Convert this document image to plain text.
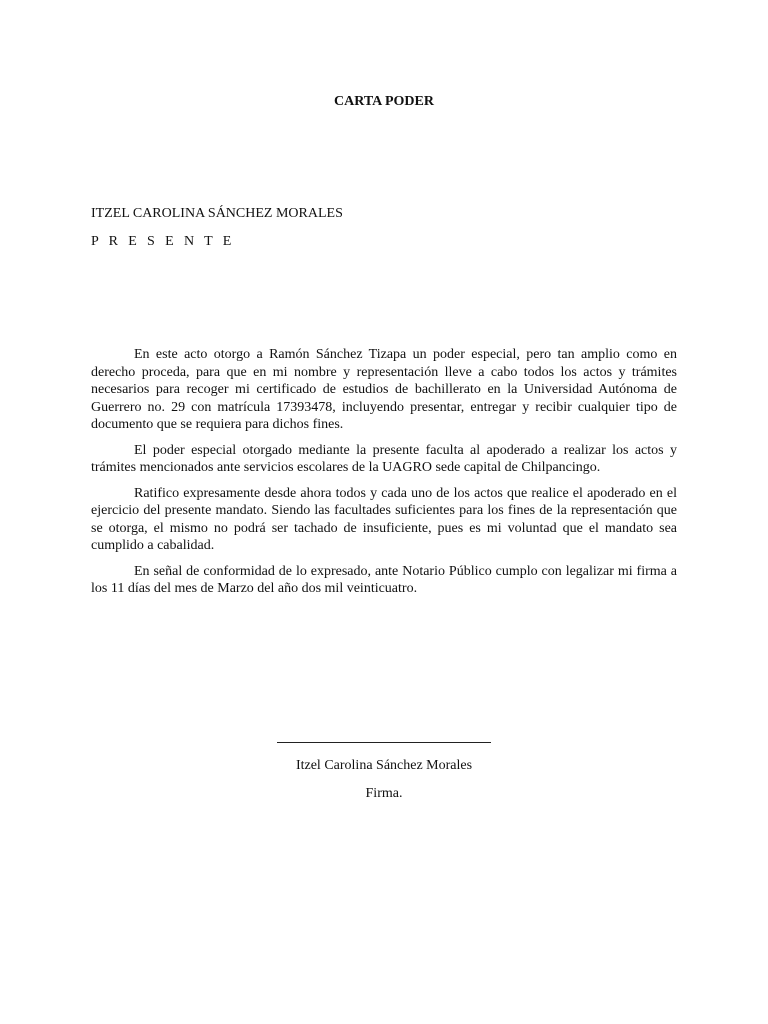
CARTA PODER

ITZEL CAROLINA SÁNCHEZ MORALES

P R E S E N T E

En este acto otorgo a Ramón Sánchez Tizapa un poder especial, pero tan amplio como en derecho proceda, para que en mi nombre y representación lleve a cabo todos los actos y trámites necesarios para recoger mi certificado de estudios de bachillerato en la Universidad Autónoma de Guerrero no. 29 con matrícula 17393478, incluyendo presentar, entregar y recibir cualquier tipo de documento que se requiera para dichos fines.

El poder especial otorgado mediante la presente faculta al apoderado a realizar los actos y trámites mencionados ante servicios escolares de la UAGRO sede capital de Chilpancingo.

Ratifico expresamente desde ahora todos y cada uno de los actos que realice el apoderado en el ejercicio del presente mandato. Siendo las facultades suficientes para los fines de la representación que se otorga, el mismo no podrá ser tachado de insuficiente, pues es mi voluntad que el mandato sea cumplido a cabalidad.

En señal de conformidad de lo expresado, ante Notario Público cumplo con legalizar mi firma a los 11 días del mes de Marzo del año dos mil veinticuatro.

Itzel Carolina Sánchez Morales

Firma.
